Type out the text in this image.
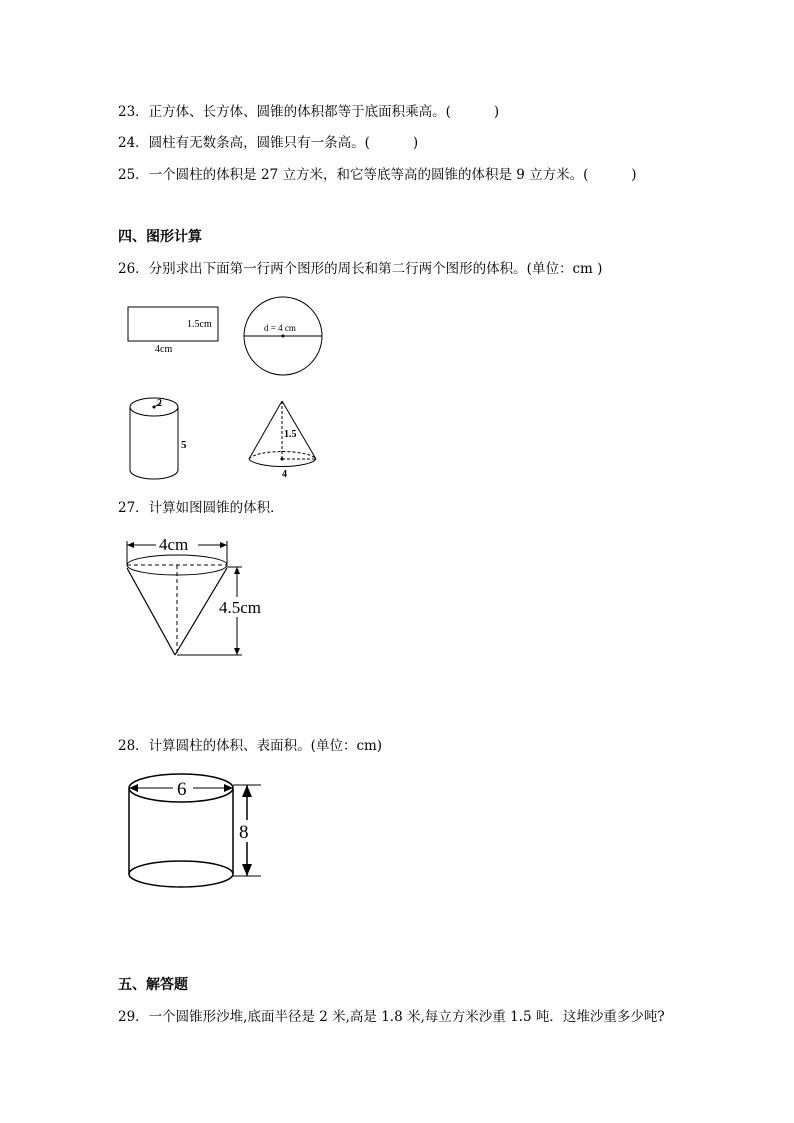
23．正方体、长方体、圆锥的体积都等于底面积乘高。(          )
24．圆柱有无数条高，圆锥只有一条高。(          )
25．一个圆柱的体积是 27 立方米，和它等底等高的圆锥的体积是 9 立方米。(          )
四、图形计算
26．分别求出下面第一行两个图形的周长和第二行两个图形的体积。(单位：cm )
1.5cm
4cm
d = 4 cm
2
5
1.5
4
27．计算如图圆锥的体积．
4cm
4.5cm
28．计算圆柱的体积、表面积。(单位：cm)
6
8
五、解答题
29．一个圆锥形沙堆,底面半径是 2 米,高是 1.8 米,每立方米沙重 1.5 吨．这堆沙重多少吨?
